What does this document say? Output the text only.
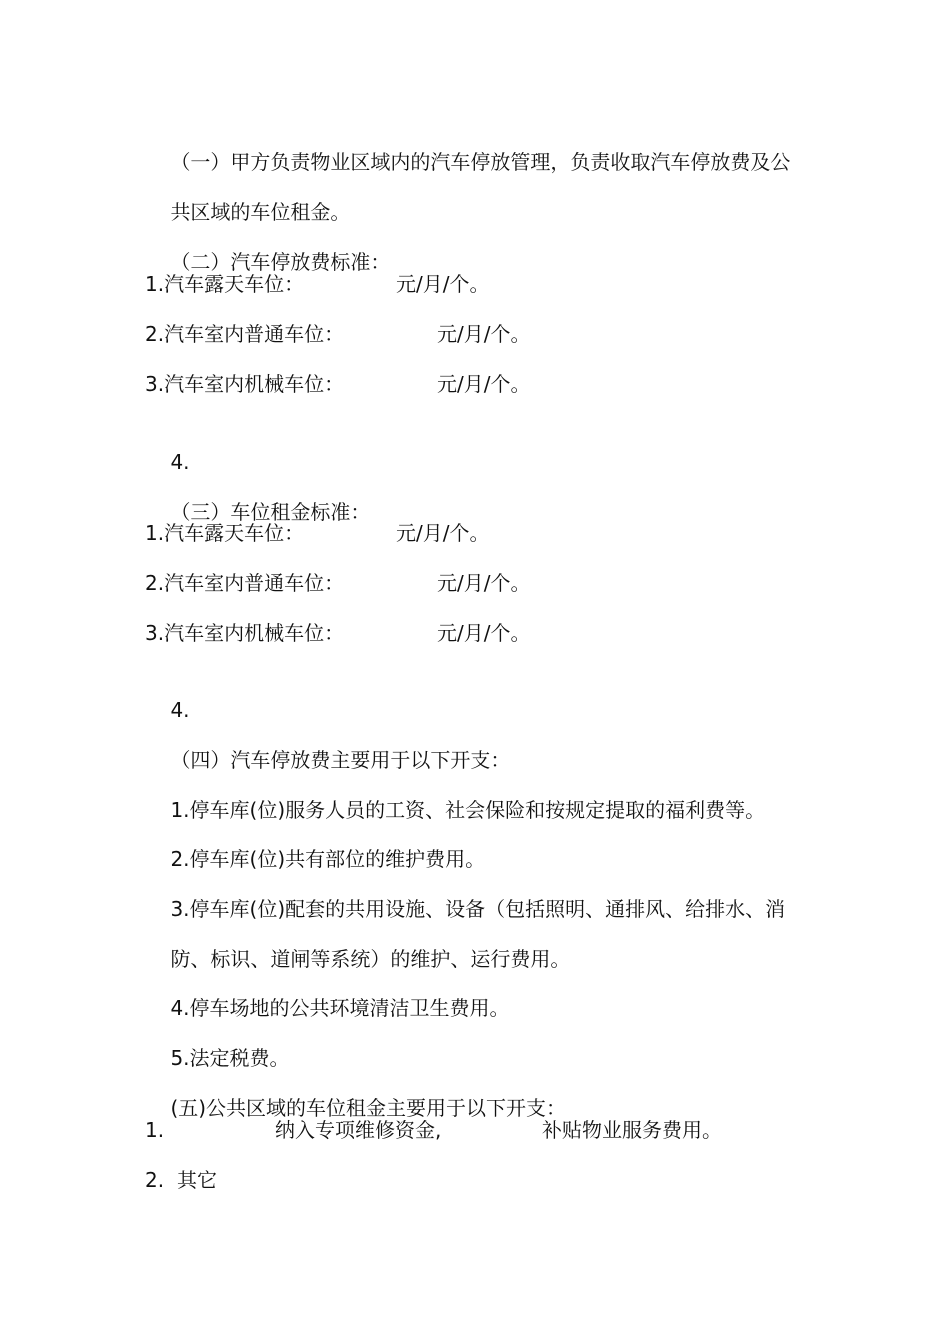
（一）甲方负责物业区域内的汽车停放管理，负责收取汽车停放费及公

共区域的车位租金。

（二）汽车停放费标准：

1.汽车露天车位：

	元/月/个。

2.汽车室内普通车位：

	元/月/个。

3.汽车室内机械车位：

	元/月/个。

4.

（三）车位租金标准：

1.汽车露天车位：

	元/月/个。

2.汽车室内普通车位：

	元/月/个。

3.汽车室内机械车位：

	元/月/个。

4.

（四）汽车停放费主要用于以下开支：

1.停车库(位)服务人员的工资、社会保险和按规定提取的福利费等。

2.停车库(位)共有部位的维护费用。

3.停车库(位)配套的共用设施、设备（包括照明、通排风、给排水、消

防、标识、道闸等系统）的维护、运行费用。

4.停车场地的公共环境清洁卫生费用。

5.法定税费。

(五)公共区域的车位租金主要用于以下开支：

1.

	纳入专项维修资金,

	补贴物业服务费用。

2.

其它
